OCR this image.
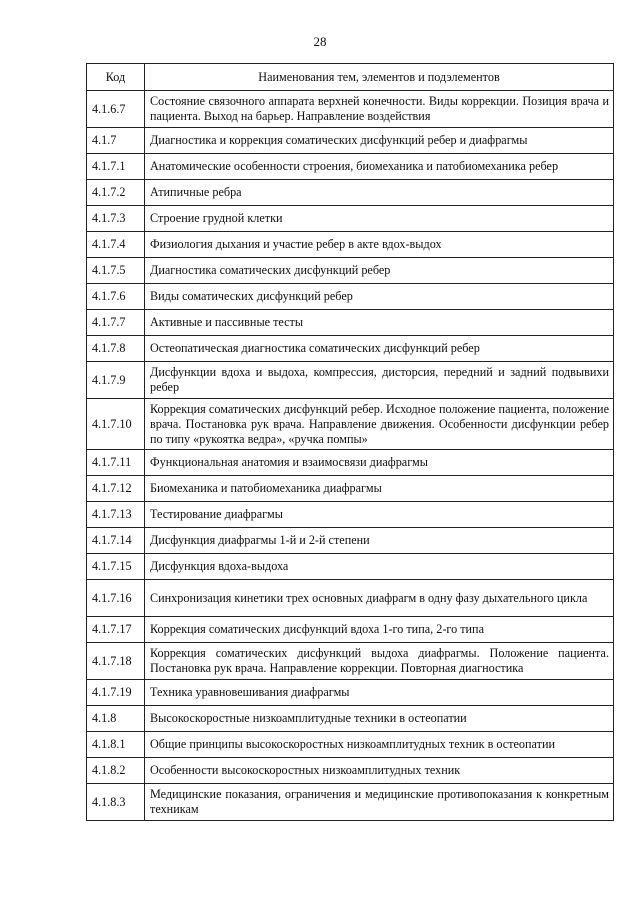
28
Код	Наименования тем, элементов и подэлементов
4.1.6.7	Состояние связочного аппарата верхней конечности. Виды коррекции. Позиция врача и пациента. Выход на барьер. Направление воздействия
4.1.7	Диагностика и коррекция соматических дисфункций ребер и диафрагмы
4.1.7.1	Анатомические особенности строения, биомеханика и патобиомеханика ребер
4.1.7.2	Атипичные ребра
4.1.7.3	Строение грудной клетки
4.1.7.4	Физиология дыхания и участие ребер в акте вдох-выдох
4.1.7.5	Диагностика соматических дисфункций ребер
4.1.7.6	Виды соматических дисфункций ребер
4.1.7.7	Активные и пассивные тесты
4.1.7.8	Остеопатическая диагностика соматических дисфункций ребер
4.1.7.9	Дисфункции вдоха и выдоха, компрессия, дисторсия, передний и задний подвывихи ребер
4.1.7.10	Коррекция соматических дисфункций ребер. Исходное положение пациента, положение врача. Постановка рук врача. Направление движения. Особенности дисфункции ребер по типу «рукоятка ведра», «ручка помпы»
4.1.7.11	Функциональная анатомия и взаимосвязи диафрагмы
4.1.7.12	Биомеханика и патобиомеханика диафрагмы
4.1.7.13	Тестирование диафрагмы
4.1.7.14	Дисфункция диафрагмы 1-й и 2-й степени
4.1.7.15	Дисфункция вдоха-выдоха
4.1.7.16	Синхронизация кинетики трех основных диафрагм в одну фазу дыхательного цикла
4.1.7.17	Коррекция соматических дисфункций вдоха 1-го типа, 2-го типа
4.1.7.18	Коррекция соматических дисфункций выдоха диафрагмы. Положение пациента. Постановка рук врача. Направление коррекции. Повторная диагностика
4.1.7.19	Техника уравновешивания диафрагмы
4.1.8	Высокоскоростные низкоамплитудные техники в остеопатии
4.1.8.1	Общие принципы высокоскоростных низкоамплитудных техник в остеопатии
4.1.8.2	Особенности высокоскоростных низкоамплитудных техник
4.1.8.3	Медицинские показания, ограничения и медицинские противопоказания к конкретным техникам
